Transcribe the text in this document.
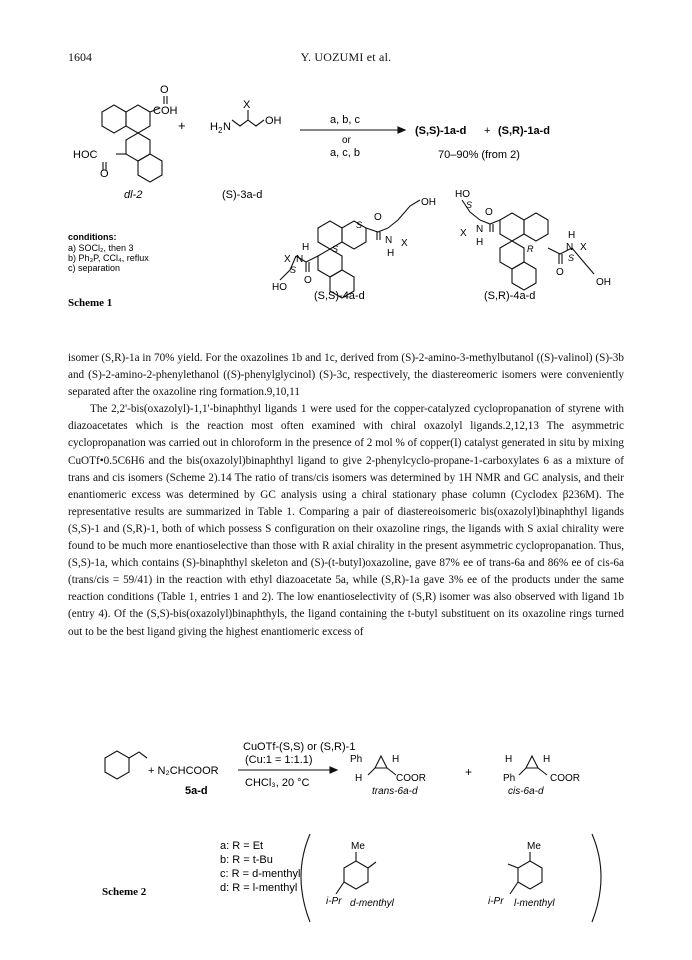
1604	Y. UOZUMI et al.
O
COH
HOC
O
dl-2
+
X
H 2 N	OH
(S)-3a-d
a, b, c
or
a, c, b
(S,S)-1a-d + (S,R)-1a-d
70–90% (from 2)
conditions:
a) SOCl₂, then 3
b) Ph₃P, CCl₄, reflux
c) separation
OH
O
S
N
H
X
H
X N
S
S
O
HO
(S,S)-4a-d
HO
O
S
N
H
X
R
H
N X
S
O
OH
(S,R)-4a-d
Scheme 1

isomer (S,R)-1a in 70% yield. For the oxazolines 1b and 1c, derived from (S)-2-amino-3-methylbutanol ((S)-valinol) (S)-3b and (S)-2-amino-2-phenylethanol ((S)-phenylglycinol) (S)-3c, respectively, the diastereomeric isomers were conveniently separated after the oxazoline ring formation.9,10,11

The 2,2'-bis(oxazolyl)-1,1'-binaphthyl ligands 1 were used for the copper-catalyzed cyclopropanation of styrene with diazoacetates which is the reaction most often examined with chiral oxazolyl ligands.2,12,13 The asymmetric cyclopropanation was carried out in chloroform in the presence of 2 mol % of copper(I) catalyst generated in situ by mixing CuOTf•0.5C6H6 and the bis(oxazolyl)binaphthyl ligand to give 2-phenylcyclo-propane-1-carboxylates 6 as a mixture of trans and cis isomers (Scheme 2).14 The ratio of trans/cis isomers was determined by 1H NMR and GC analysis, and their enantiomeric excess was determined by GC analysis using a chiral stationary phase column (Cyclodex β236M). The representative results are summarized in Table 1. Comparing a pair of diastereoisomeric bis(oxazolyl)binaphthyl ligands (S,S)-1 and (S,R)-1, both of which possess S configuration on their oxazoline rings, the ligands with S axial chirality were found to be much more enantioselective than those with R axial chirality in the present asymmetric cyclopropanation. Thus, (S,S)-1a, which contains (S)-binaphthyl skeleton and (S)-(t-butyl)oxazoline, gave 87% ee of trans-6a and 86% ee of cis-6a (trans/cis = 59/41) in the reaction with ethyl diazoacetate 5a, while (S,R)-1a gave 3% ee of the products under the same reaction conditions (Table 1, entries 1 and 2). The low enantioselectivity of (S,R) isomer was also observed with ligand 1b (entry 4). Of the (S,S)-bis(oxazolyl)binaphthyls, the ligand containing the t-butyl substituent on its oxazoline rings turned out to be the best ligand giving the highest enantiomeric excess of

+ N₂CHCOOR
5a-d
CuOTf-(S,S) or (S,R)-1
(Cu:1 = 1:1.1)
CHCl₃, 20 °C
Ph	H
H	COOR
trans-6a-d
+
H	H
Ph	COOR
cis-6a-d
a: R = Et
b: R = t-Bu
c: R = d-menthyl
d: R = l-menthyl
Scheme 2
Me
i-Pr d-menthyl
Me
i-Pr l-menthyl
